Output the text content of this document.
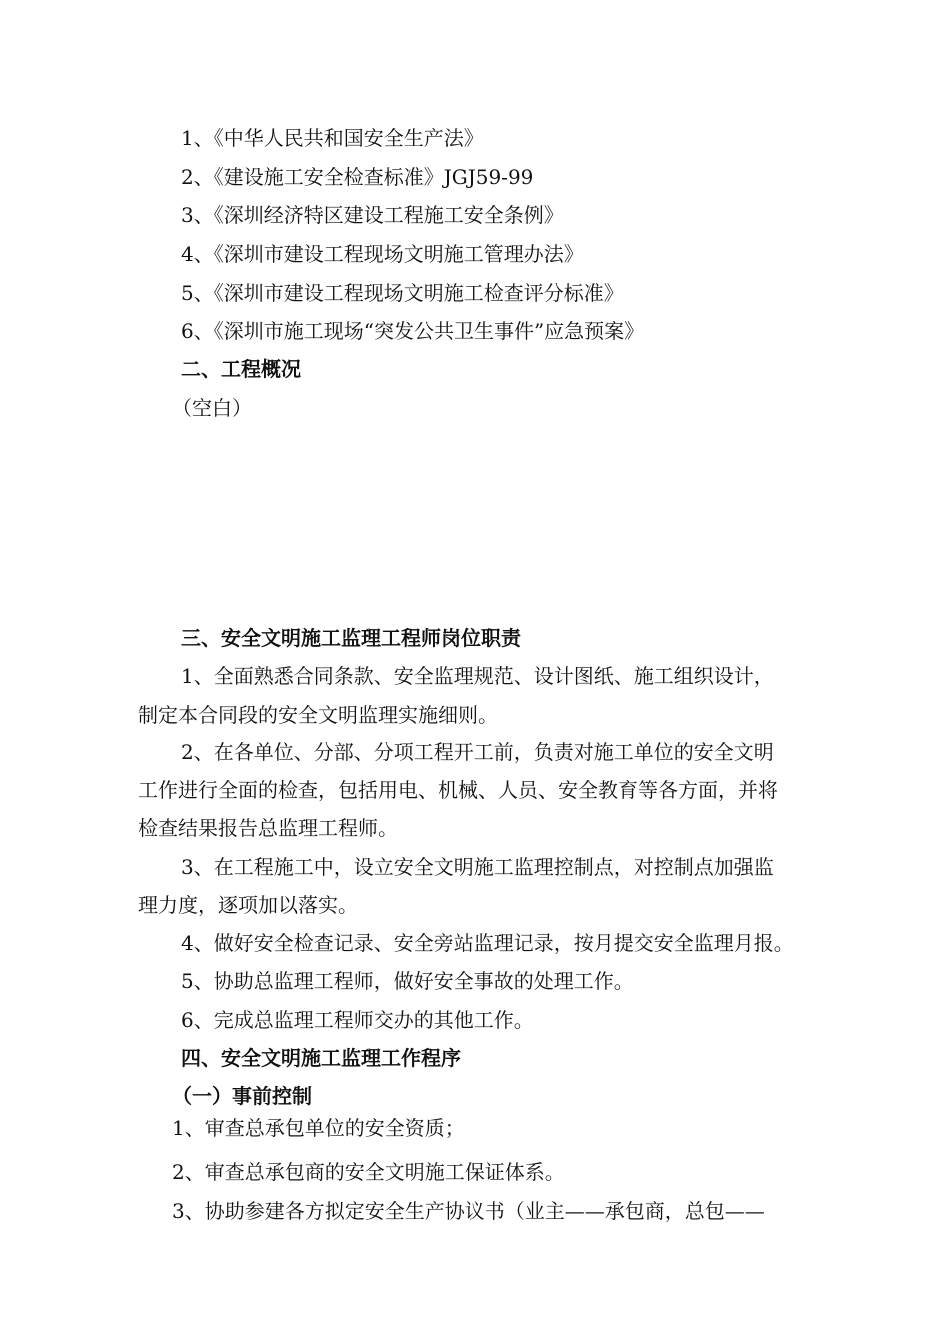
1、《中华人民共和国安全生产法》
2、《建设施工安全检查标准》JGJ59-99
3、《深圳经济特区建设工程施工安全条例》
4、《深圳市建设工程现场文明施工管理办法》
5、《深圳市建设工程现场文明施工检查评分标准》
6、《深圳市施工现场“突发公共卫生事件”应急预案》
二、工程概况
（空白）
三、安全文明施工监理工程师岗位职责
1、全面熟悉合同条款、安全监理规范、设计图纸、施工组织设计，
制定本合同段的安全文明监理实施细则。
2、在各单位、分部、分项工程开工前，负责对施工单位的安全文明
工作进行全面的检查，包括用电、机械、人员、安全教育等各方面，并将
检查结果报告总监理工程师。
3、在工程施工中，设立安全文明施工监理控制点，对控制点加强监
理力度，逐项加以落实。
4、做好安全检查记录、安全旁站监理记录，按月提交安全监理月报。
5、协助总监理工程师，做好安全事故的处理工作。
6、完成总监理工程师交办的其他工作。
四、安全文明施工监理工作程序
（一）事前控制
1、审查总承包单位的安全资质；
2、审查总承包商的安全文明施工保证体系。
3、协助参建各方拟定安全生产协议书（业主——承包商，总包——
